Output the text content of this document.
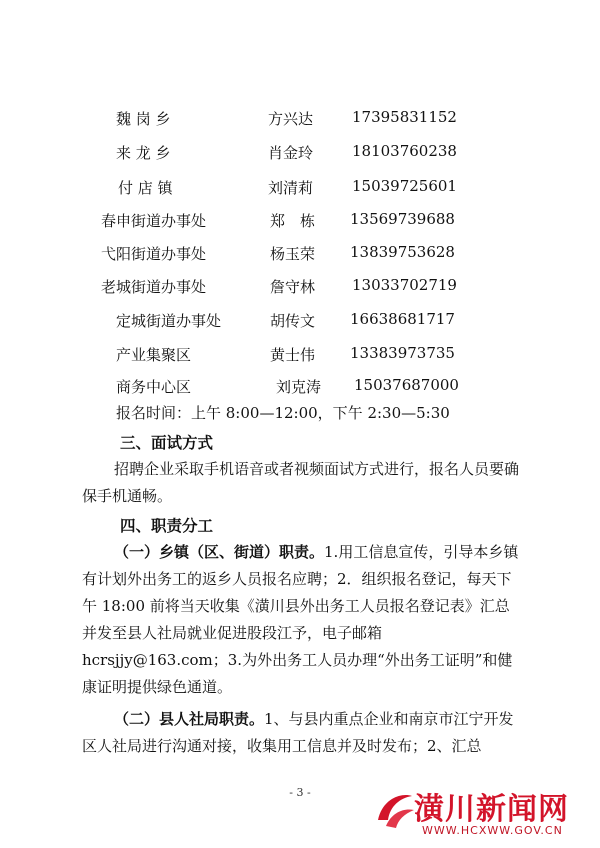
魏 岗 乡	方兴达	17395831152
来 龙 乡	肖金玲	18103760238
付 店 镇	刘清莉	15039725601
春申街道办事处	郑　栋 13569739688
弋阳街道办事处	杨玉荣 13839753628
老城街道办事处	詹守林 13033702719
定城街道办事处	胡传文 16638681717
产业集聚区	黄士伟 13383973735
商务中心区	刘克涛 15037687000
报名时间：上午 8:00—12:00，下午 2:30—5:30
三、面试方式
招聘企业采取手机语音或者视频面试方式进行，报名人员要确保手机通畅。
四、职责分工
（一）乡镇（区、街道）职责。1.用工信息宣传，引导本乡镇有计划外出务工的返乡人员报名应聘；2．组织报名登记，每天下午 18:00 前将当天收集《潢川县外出务工人员报名登记表》汇总并发至县人社局就业促进股段江予，电子邮箱 hcrsjjy@163.com；3.为外出务工人员办理“外出务工证明”和健康证明提供绿色通道。
（二）县人社局职责。1、与县内重点企业和南京市江宁开发区人社局进行沟通对接，收集用工信息并及时发布；2、汇总
- 3 -	潢川新闻网
WWW.HCXWW.GOV.CN
